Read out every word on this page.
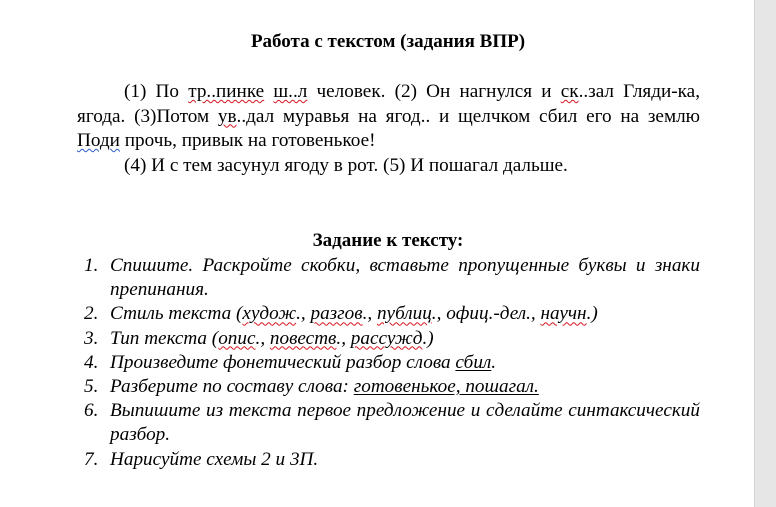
Работа с текстом (задания ВПР)

(1) По тр..пинке ш..л человек. (2) Он нагнулся и ск..зал Гляди-ка, ягода. (3)Потом ув..дал муравья на ягод.. и щелчком сбил его на землю Поди прочь, привык на готовенькое!

(4) И с тем засунул ягоду в рот. (5) И пошагал дальше.

Задание к тексту:
1. Спишите. Раскройте скобки, вставьте пропущенные буквы и знаки препинания.
2. Стиль текста (худож., разгов., публиц., офиц.-дел., научн.)
3. Тип текста (опис., повеств., рассужд.)
4. Произведите фонетический разбор слова сбил.
5. Разберите по составу слова: готовенькое, пошагал.
6. Выпишите из текста первое предложение и сделайте синтаксический разбор.
7. Нарисуйте схемы 2 и 3П.
